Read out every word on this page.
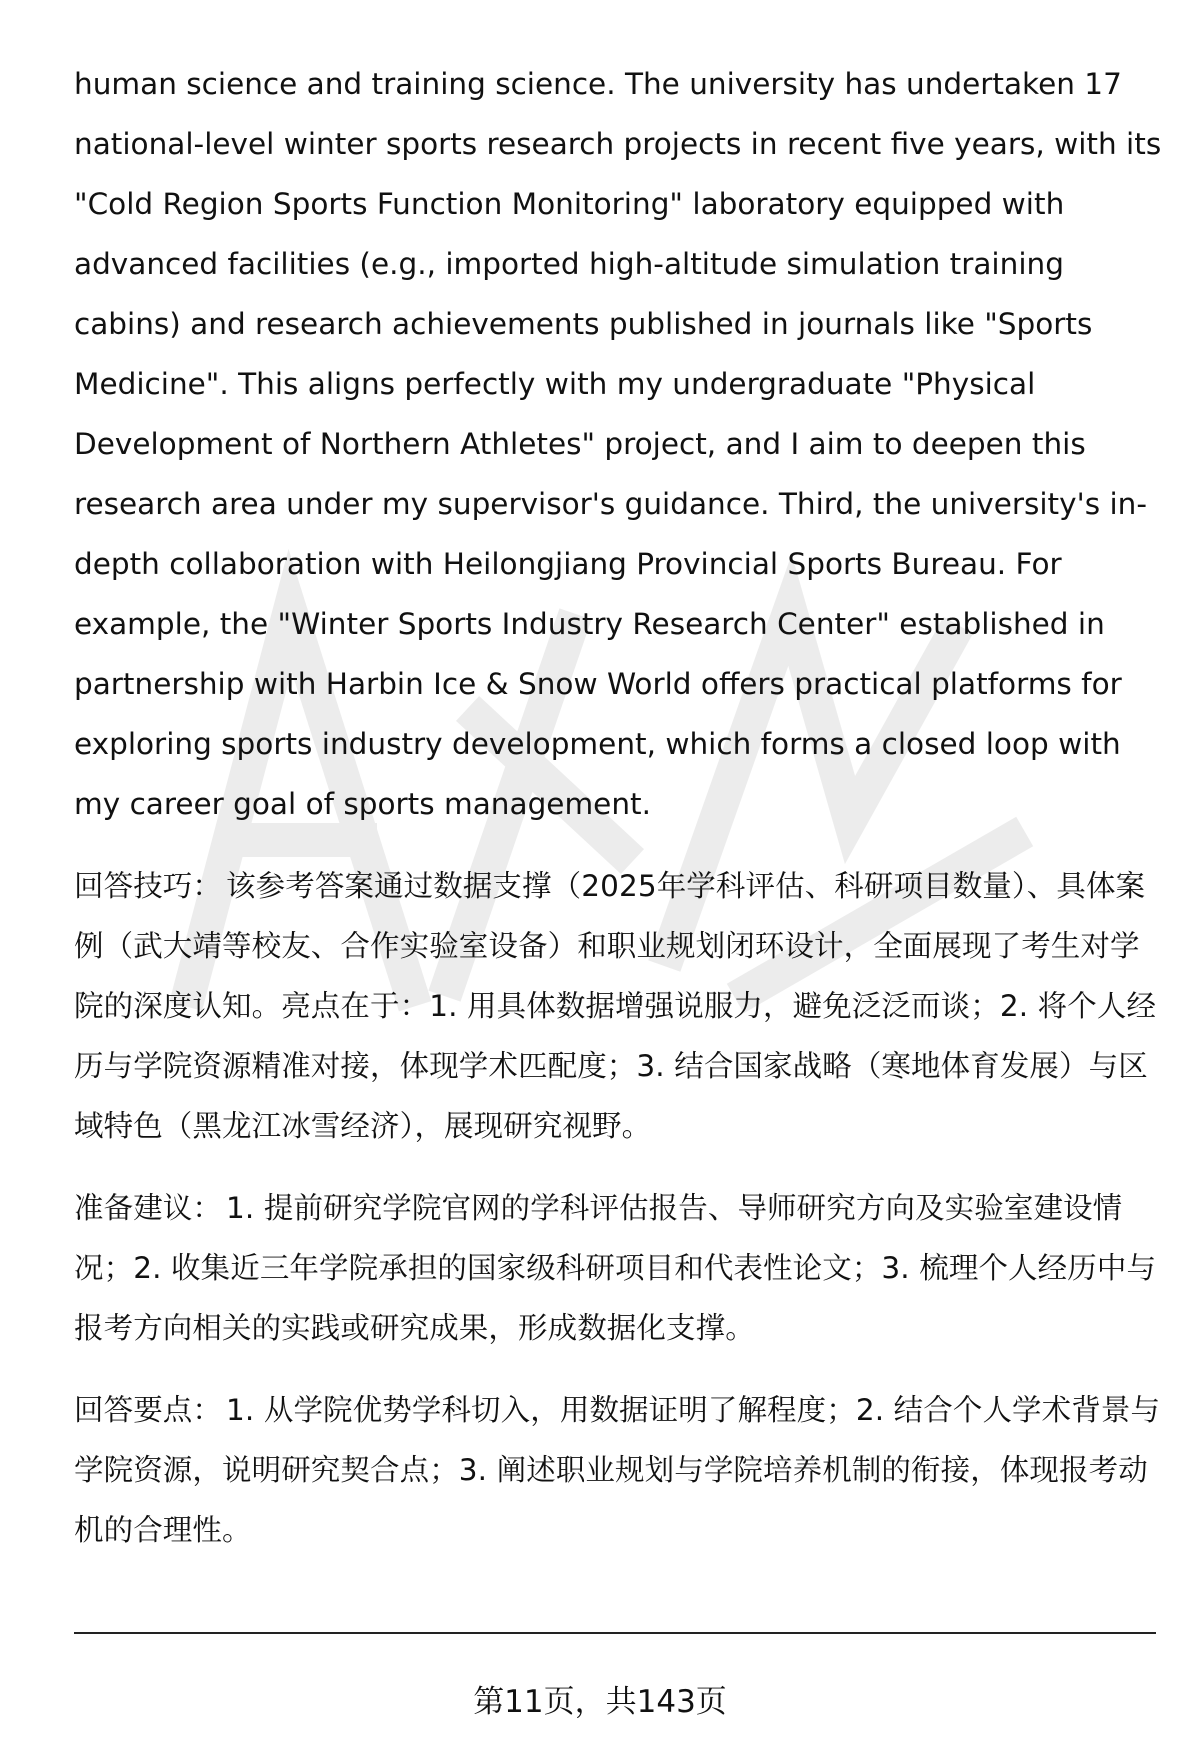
human science and training science. The university has undertaken 17 national-level winter sports research projects in recent five years, with its "Cold Region Sports Function Monitoring" laboratory equipped with advanced facilities (e.g., imported high-altitude simulation training cabins) and research achievements published in journals like "Sports Medicine". This aligns perfectly with my undergraduate "Physical Development of Northern Athletes" project, and I aim to deepen this research area under my supervisor's guidance. Third, the university's in-depth collaboration with Heilongjiang Provincial Sports Bureau. For example, the "Winter Sports Industry Research Center" established in partnership with Harbin Ice & Snow World offers practical platforms for exploring sports industry development, which forms a closed loop with my career goal of sports management.

回答技巧： 该参考答案通过数据支撑（2025年学科评估、科研项目数量）、具体案例（武大靖等校友、合作实验室设备）和职业规划闭环设计，全面展现了考生对学院的深度认知。亮点在于：1. 用具体数据增强说服力，避免泛泛而谈；2. 将个人经历与学院资源精准对接，体现学术匹配度；3. 结合国家战略（寒地体育发展）与区域特色（黑龙江冰雪经济），展现研究视野。

准备建议： 1. 提前研究学院官网的学科评估报告、导师研究方向及实验室建设情况；2. 收集近三年学院承担的国家级科研项目和代表性论文；3. 梳理个人经历中与报考方向相关的实践或研究成果，形成数据化支撑。

回答要点： 1. 从学院优势学科切入，用数据证明了解程度；2. 结合个人学术背景与学院资源，说明研究契合点；3. 阐述职业规划与学院培养机制的衔接，体现报考动机的合理性。

第11页，共143页
